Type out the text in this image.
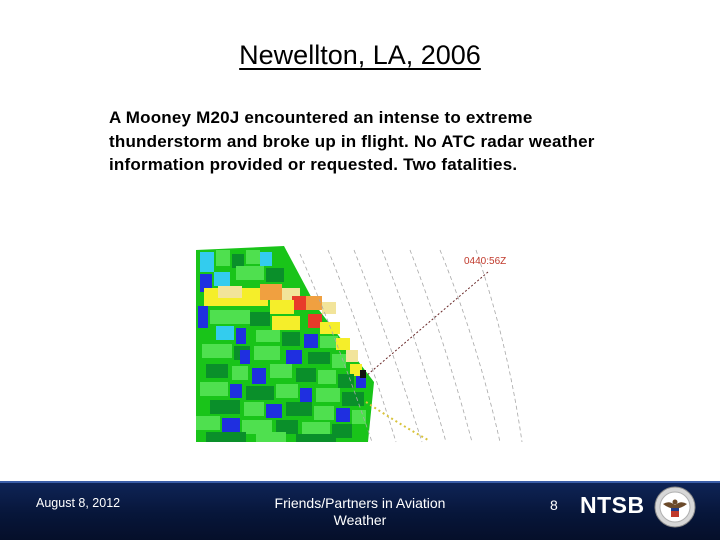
Newellton, LA, 2006
A Mooney M20J encountered an intense to extreme thunderstorm and broke up in flight. No ATC radar weather information provided or requested. Two fatalities.
0440:56Z
August 8, 2012	Friends/Partners in Aviation Weather
8 NTSB
